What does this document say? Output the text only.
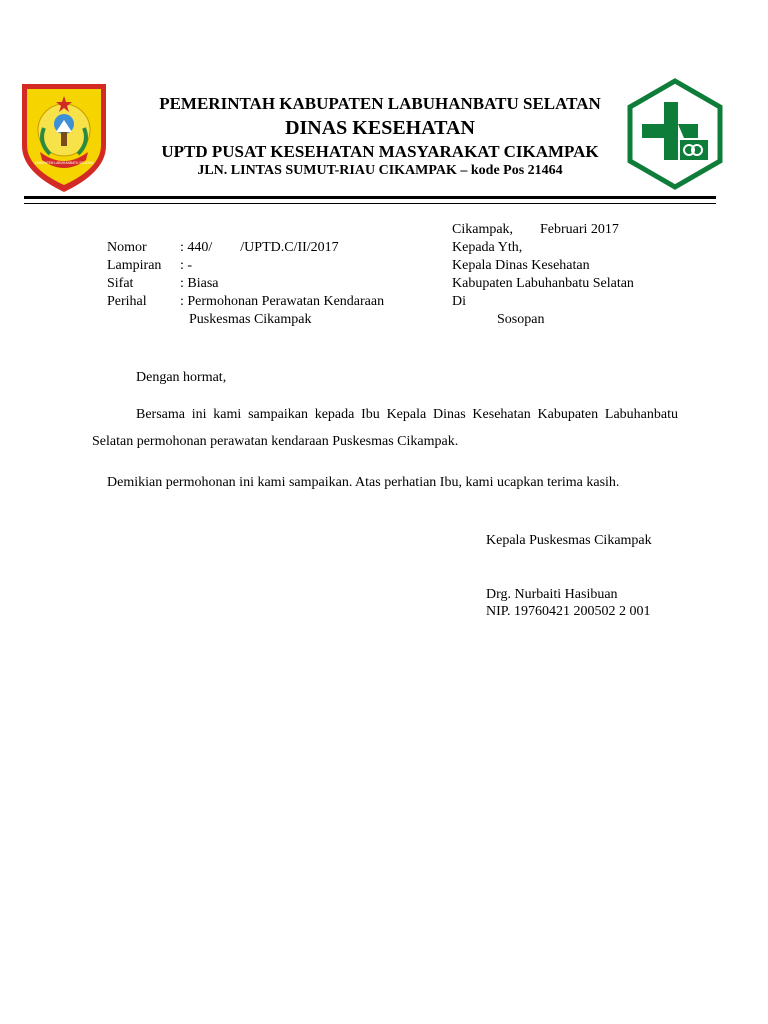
KABUPATEN LABUHANBATU SELATAN
PEMERINTAH KABUPATEN LABUHANBATU SELATAN
DINAS KESEHATAN
UPTD PUSAT KESEHATAN MASYARAKAT CIKAMPAK
JLN. LINTAS SUMUT-RIAU CIKAMPAK – kode Pos 21464
Cikampak, Februari 2017
Nomor : 440/        /UPTD.C/II/2017
Lampiran : -
Sifat	: Biasa
Perihal : Permohonan Perawatan Kendaraan
Puskesmas Cikampak
Kepada Yth,
Kepala Dinas Kesehatan
Kabupaten Labuhanbatu Selatan
Di
Sosopan
Dengan hormat,
Bersama ini kami sampaikan kepada Ibu Kepala Dinas Kesehatan Kabupaten Labuhanbatu Selatan permohonan perawatan kendaraan Puskesmas Cikampak.
Demikian permohonan ini kami sampaikan. Atas perhatian Ibu, kami ucapkan terima kasih.
Kepala Puskesmas Cikampak
Drg. Nurbaiti Hasibuan
NIP. 19760421 200502 2 001
